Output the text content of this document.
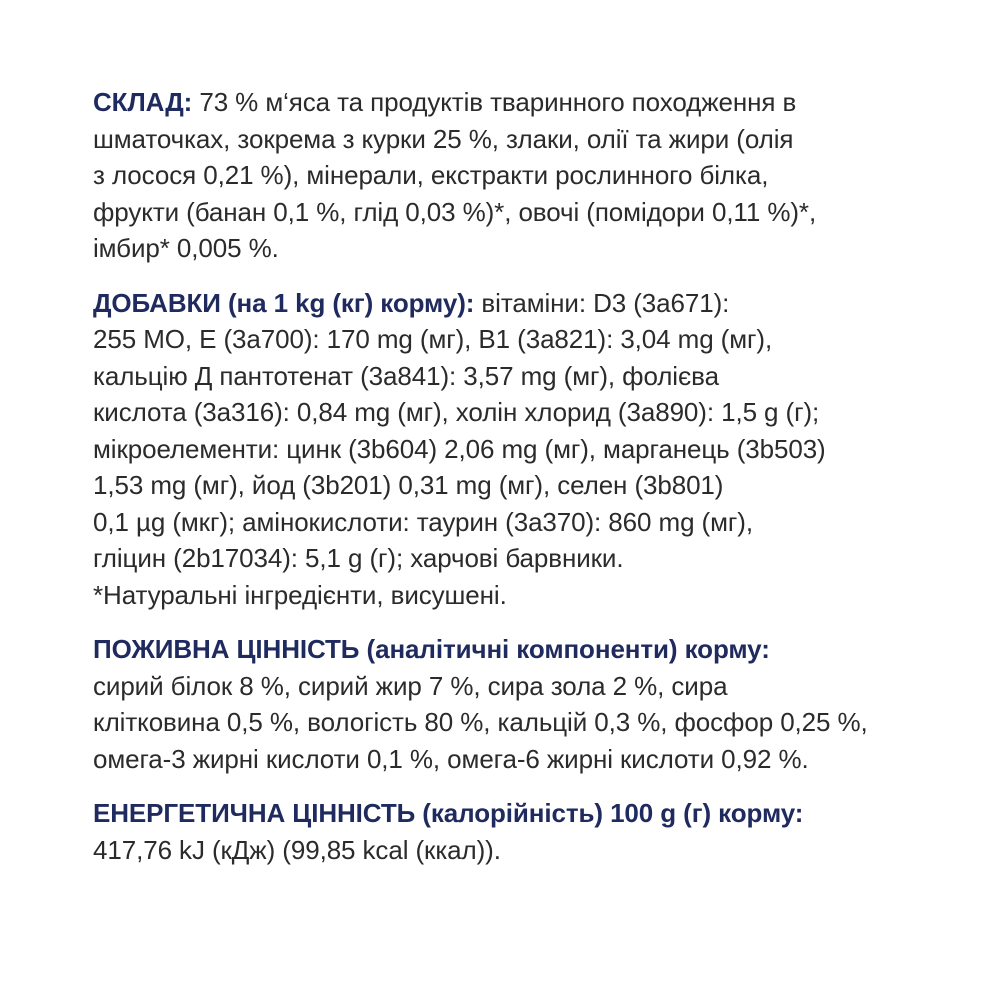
СКЛАД: 73 % м‘яса та продуктів тваринного походження в
шматочках, зокрема з курки 25 %, злаки, олії та жири (олія
з лосося 0,21 %), мінерали, екстракти рослинного білка,
фрукти (банан 0,1 %, глід 0,03 %)*, овочі (помідори 0,11 %)*,
імбир* 0,005 %.

ДОБАВКИ (на 1 kg (кг) корму): вітаміни: D3 (3а671):
255 МО, Е (3а700): 170 mg (мг), В1 (3а821): 3,04 mg (мг),
кальцію Д пантотенат (3а841): 3,57 mg (мг), фолієва
кислота (3а316): 0,84 mg (мг), холін хлорид (3а890): 1,5 g (г);
мікроелементи: цинк (3b604) 2,06 mg (мг), марганець (3b503)
1,53 mg (мг), йод (3b201) 0,31 mg (мг), селен (3b801)
0,1 µg (мкг); амінокислоти: таурин (3а370): 860 mg (мг),
гліцин (2b17034): 5,1 g (г); харчові барвники.
*Натуральні інгредієнти, висушені.

ПОЖИВНА ЦІННІСТЬ (аналітичні компоненти) корму:
сирий білок 8 %, сирий жир 7 %, сира зола 2 %, сира
клітковина 0,5 %, вологість 80 %, кальцій 0,3 %, фосфор 0,25 %,
омега-3 жирні кислоти 0,1 %, омега-6 жирні кислоти 0,92 %.

ЕНЕРГЕТИЧНА ЦІННІСТЬ (калорійність) 100 g (г) корму:
417,76 kJ (кДж) (99,85 kcal (ккал)).
